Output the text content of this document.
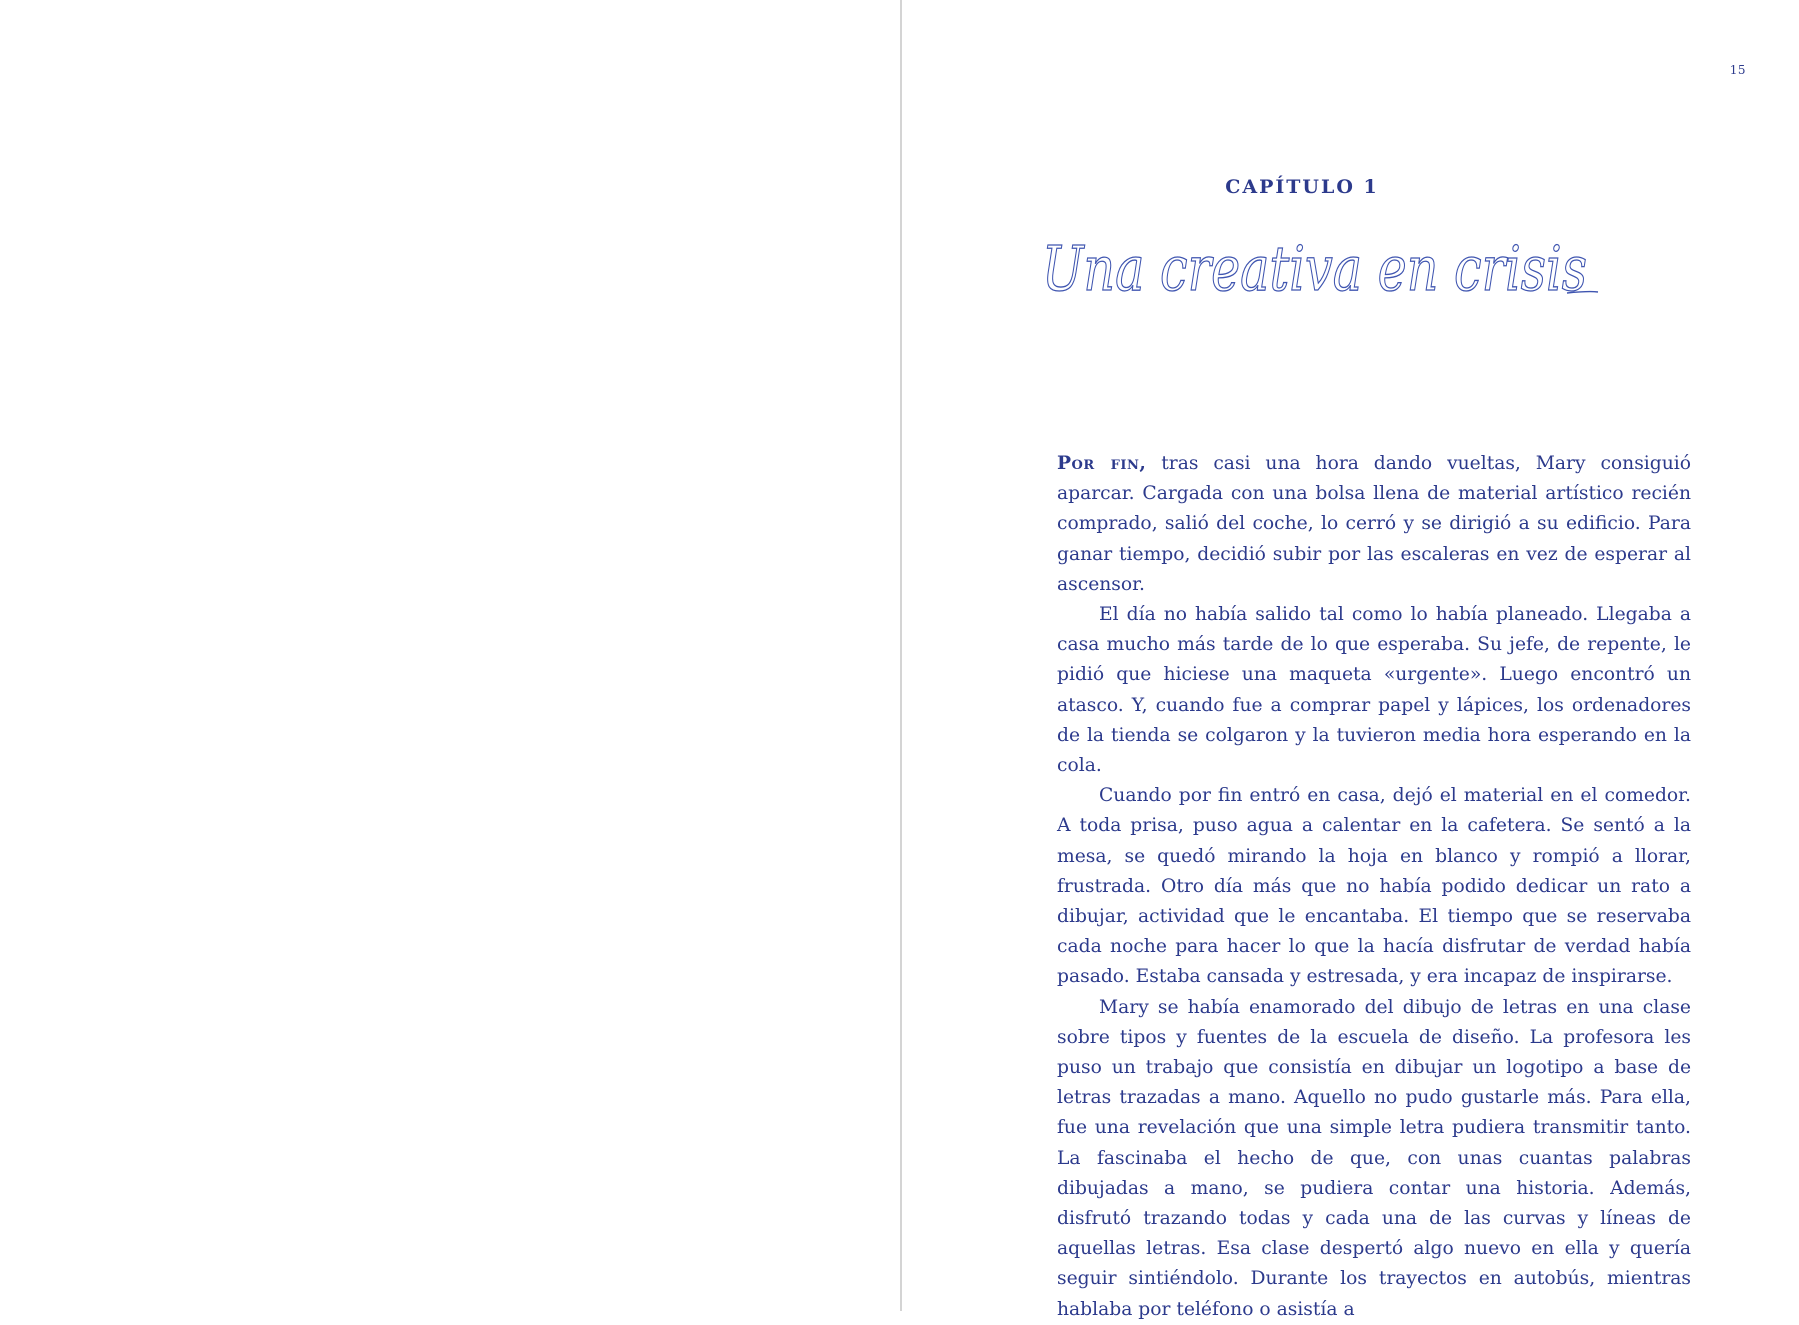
15
CAPÍTULO 1
Una creativa en crisis

Por fin, tras casi una hora dando vueltas, Mary consiguió aparcar. Cargada con una bolsa llena de material artístico recién comprado, salió del coche, lo cerró y se dirigió a su edificio. Para ganar tiempo, decidió subir por las escaleras en vez de esperar al ascensor.

El día no había salido tal como lo había planeado. Llegaba a casa mucho más tarde de lo que esperaba. Su jefe, de repente, le pidió que hiciese una maqueta «urgente». Luego encontró un atasco. Y, cuando fue a comprar papel y lápices, los ordenadores de la tienda se colgaron y la tuvieron media hora esperando en la cola.

Cuando por fin entró en casa, dejó el material en el comedor. A toda prisa, puso agua a calentar en la cafetera. Se sentó a la mesa, se quedó mirando la hoja en blanco y rompió a llorar, frustrada. Otro día más que no había podido dedicar un rato a dibujar, actividad que le encantaba. El tiempo que se reservaba cada noche para hacer lo que la hacía disfrutar de verdad había pasado. Estaba cansada y estresada, y era incapaz de inspirarse.

Mary se había enamorado del dibujo de letras en una clase sobre tipos y fuentes de la escuela de diseño. La profesora les puso un trabajo que consistía en dibujar un logotipo a base de letras trazadas a mano. Aquello no pudo gustarle más. Para ella, fue una revelación que una simple letra pudiera transmitir tanto. La fascinaba el hecho de que, con unas cuantas palabras dibujadas a mano, se pudiera contar una historia. Además, disfrutó trazando todas y cada una de las curvas y líneas de aquellas letras. Esa clase despertó algo nuevo en ella y quería seguir sintiéndolo. Durante los trayectos en autobús, mientras hablaba por teléfono o asistía a
